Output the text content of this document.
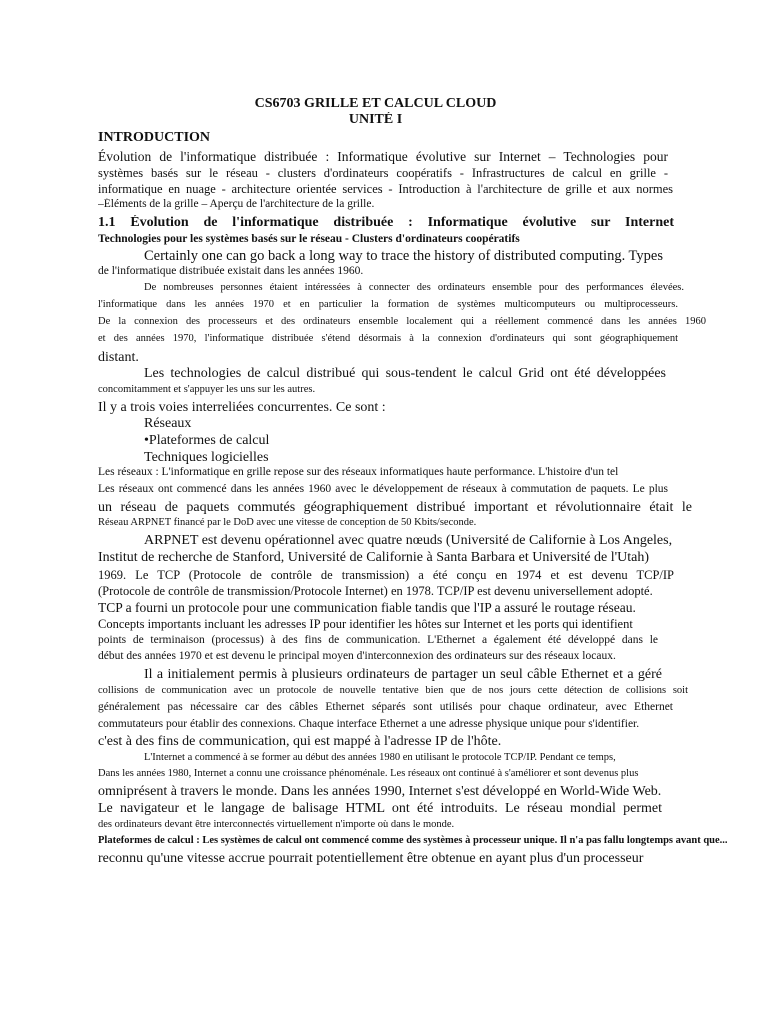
CS6703 GRILLE ET CALCUL CLOUD
UNITÉ I
INTRODUCTION
Évolution de l'informatique distribuée : Informatique évolutive sur Internet – Technologies pour
systèmes basés sur le réseau - clusters d'ordinateurs coopératifs - Infrastructures de calcul en grille -
informatique en nuage - architecture orientée services - Introduction à l'architecture de grille et aux normes
–Éléments de la grille – Aperçu de l'architecture de la grille.
1.1 Évolution de l'informatique distribuée : Informatique évolutive sur Internet
Technologies pour les systèmes basés sur le réseau - Clusters d'ordinateurs coopératifs
Certainly one can go back a long way to trace the history of distributed computing. Types
de l'informatique distribuée existait dans les années 1960.
De nombreuses personnes étaient intéressées à connecter des ordinateurs ensemble pour des performances élevées.
l'informatique dans les années 1970 et en particulier la formation de systèmes multicomputeurs ou multiprocesseurs.
De la connexion des processeurs et des ordinateurs ensemble localement qui a réellement commencé dans les années 1960
et des années 1970, l'informatique distribuée s'étend désormais à la connexion d'ordinateurs qui sont géographiquement
distant.
Les technologies de calcul distribué qui sous-tendent le calcul Grid ont été développées
concomitamment et s'appuyer les uns sur les autres.
Il y a trois voies interreliées concurrentes. Ce sont :
Réseaux
•Plateformes de calcul
Techniques logicielles
Les réseaux : L'informatique en grille repose sur des réseaux informatiques haute performance. L'histoire d'un tel
Les réseaux ont commencé dans les années 1960 avec le développement de réseaux à commutation de paquets. Le plus
un réseau de paquets commutés géographiquement distribué important et révolutionnaire était le
Réseau ARPNET financé par le DoD avec une vitesse de conception de 50 Kbits/seconde.
ARPNET est devenu opérationnel avec quatre nœuds (Université de Californie à Los Angeles,
Institut de recherche de Stanford, Université de Californie à Santa Barbara et Université de l'Utah)
1969. Le TCP (Protocole de contrôle de transmission) a été conçu en 1974 et est devenu TCP/IP
(Protocole de contrôle de transmission/Protocole Internet) en 1978. TCP/IP est devenu universellement adopté.
TCP a fourni un protocole pour une communication fiable tandis que l'IP a assuré le routage réseau.
Concepts importants incluant les adresses IP pour identifier les hôtes sur Internet et les ports qui identifient
points de terminaison (processus) à des fins de communication. L'Ethernet a également été développé dans le
début des années 1970 et est devenu le principal moyen d'interconnexion des ordinateurs sur des réseaux locaux.
Il a initialement permis à plusieurs ordinateurs de partager un seul câble Ethernet et a géré
collisions de communication avec un protocole de nouvelle tentative bien que de nos jours cette détection de collisions soit
généralement pas nécessaire car des câbles Ethernet séparés sont utilisés pour chaque ordinateur, avec Ethernet
commutateurs pour établir des connexions. Chaque interface Ethernet a une adresse physique unique pour s'identifier.
c'est à des fins de communication, qui est mappé à l'adresse IP de l'hôte.
L'Internet a commencé à se former au début des années 1980 en utilisant le protocole TCP/IP. Pendant ce temps,
Dans les années 1980, Internet a connu une croissance phénoménale. Les réseaux ont continué à s'améliorer et sont devenus plus
omniprésent à travers le monde. Dans les années 1990, Internet s'est développé en World-Wide Web.
Le navigateur et le langage de balisage HTML ont été introduits. Le réseau mondial permet
des ordinateurs devant être interconnectés virtuellement n'importe où dans le monde.
Plateformes de calcul : Les systèmes de calcul ont commencé comme des systèmes à processeur unique. Il n'a pas fallu longtemps avant que...
reconnu qu'une vitesse accrue pourrait potentiellement être obtenue en ayant plus d'un processeur
